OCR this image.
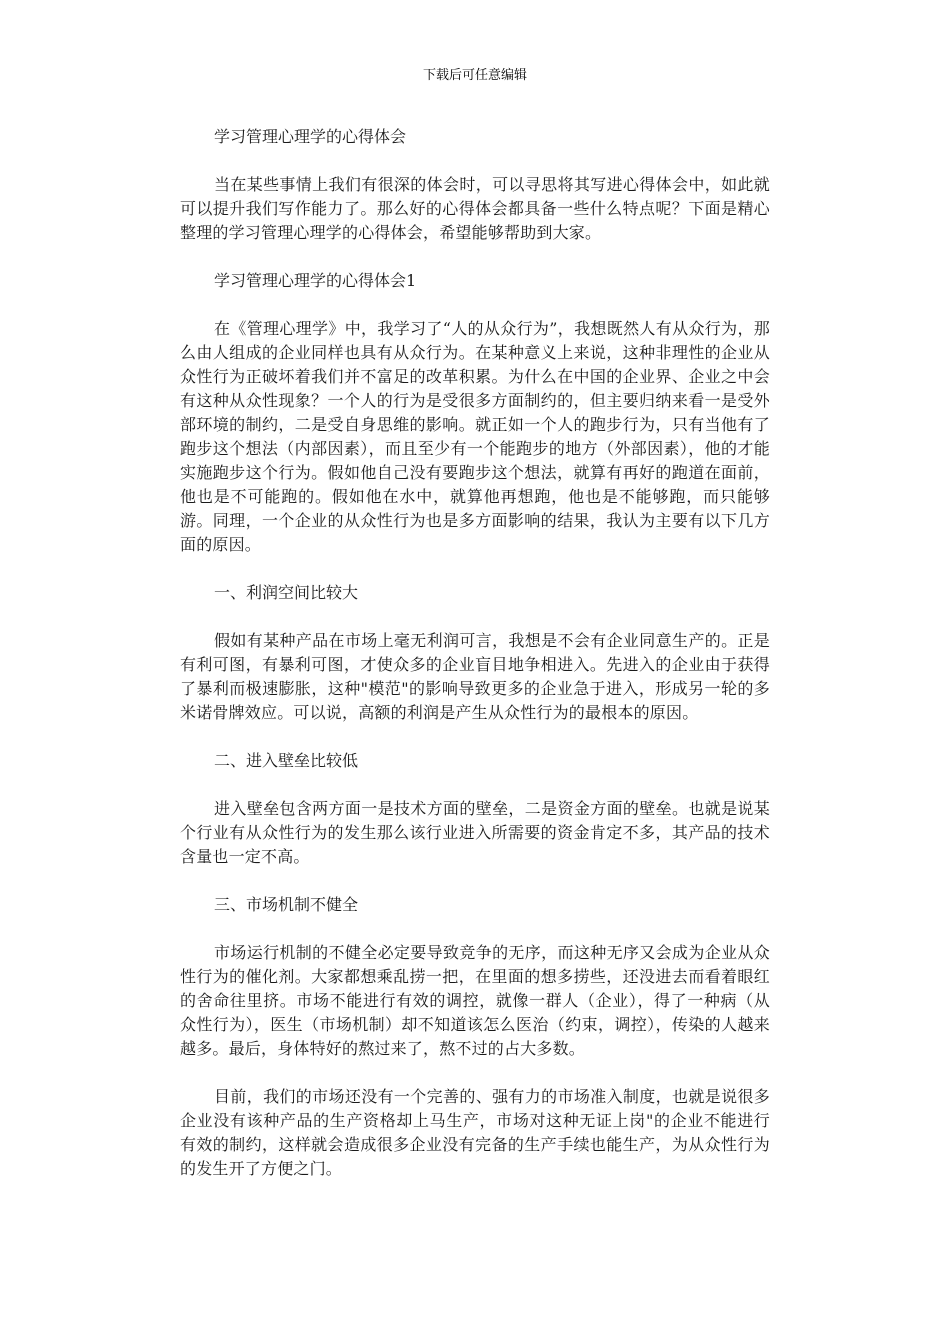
下载后可任意编辑

学习管理心理学的心得体会

当在某些事情上我们有很深的体会时，可以寻思将其写进心得体会中，如此就可以提升我们写作能力了。那么好的心得体会都具备一些什么特点呢？下面是精心整理的学习管理心理学的心得体会，希望能够帮助到大家。

学习管理心理学的心得体会1

在《管理心理学》中，我学习了“人的从众行为”，我想既然人有从众行为，那么由人组成的企业同样也具有从众行为。在某种意义上来说，这种非理性的企业从众性行为正破坏着我们并不富足的改革积累。为什么在中国的企业界、企业之中会有这种从众性现象？一个人的行为是受很多方面制约的，但主要归纳来看一是受外部环境的制约，二是受自身思维的影响。就正如一个人的跑步行为，只有当他有了跑步这个想法（内部因素），而且至少有一个能跑步的地方（外部因素），他的才能实施跑步这个行为。假如他自己没有要跑步这个想法，就算有再好的跑道在面前，他也是不可能跑的。假如他在水中，就算他再想跑，他也是不能够跑，而只能够游。同理，一个企业的从众性行为也是多方面影响的结果，我认为主要有以下几方面的原因。

一、利润空间比较大

假如有某种产品在市场上毫无利润可言，我想是不会有企业同意生产的。正是有利可图，有暴利可图，才使众多的企业盲目地争相进入。先进入的企业由于获得了暴利而极速膨胀，这种"模范"的影响导致更多的企业急于进入，形成另一轮的多米诺骨牌效应。可以说，高额的利润是产生从众性行为的最根本的原因。

二、进入壁垒比较低

进入壁垒包含两方面一是技术方面的壁垒，二是资金方面的壁垒。也就是说某个行业有从众性行为的发生那么该行业进入所需要的资金肯定不多，其产品的技术含量也一定不高。

三、市场机制不健全

市场运行机制的不健全必定要导致竞争的无序，而这种无序又会成为企业从众性行为的催化剂。大家都想乘乱捞一把，在里面的想多捞些，还没进去而看着眼红的舍命往里挤。市场不能进行有效的调控，就像一群人（企业），得了一种病（从众性行为），医生（市场机制）却不知道该怎么医治（约束，调控），传染的人越来越多。最后，身体特好的熬过来了，熬不过的占大多数。

目前，我们的市场还没有一个完善的、强有力的市场准入制度，也就是说很多企业没有该种产品的生产资格却上马生产，市场对这种无证上岗"的企业不能进行有效的制约，这样就会造成很多企业没有完备的生产手续也能生产，为从众性行为的发生开了方便之门。
